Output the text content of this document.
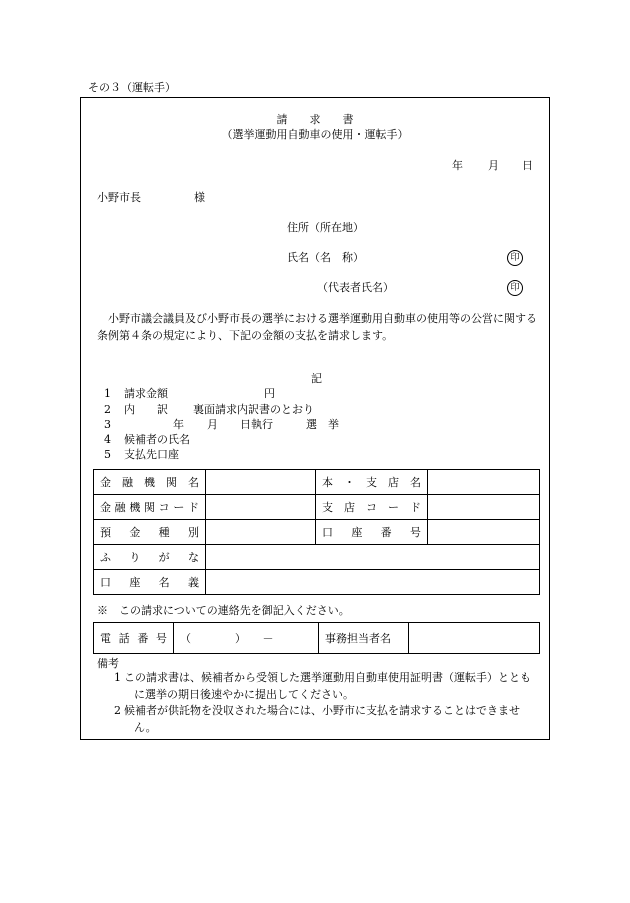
その３（運転手）
請　　求　　書
（選挙運動用自動車の使用・運転手）
年 月 日
小野市長	様
住所（所在地）
氏名（名　称）	印
（代表者氏名）	印
小野市議会議員及び小野市長の選挙における選挙運動用自動車の使用等の公営に関する条例第４条の規定により、下記の金額の支払を請求します。
記
1 請求金額	円
2 内　　訳 裏面請求内訳書のとおり
3	年 月　　日執行　　　選　挙
4 候補者の氏名
5 支払先口座
金融機関名		本・支店名	
金融機関コード		支店コード	
預金種別		口座番号	
ふりがな			
口座名義			
※　この請求についての連絡先を御記入ください。
電話番号	（　　　　）　　－	事務担当者名	
備考
1 この請求書は、候補者から受領した選挙運動用自動車使用証明書（運転手）とともに選挙の期日後速やかに提出してください。
2 候補者が供託物を没収された場合には、小野市に支払を請求することはできません。
